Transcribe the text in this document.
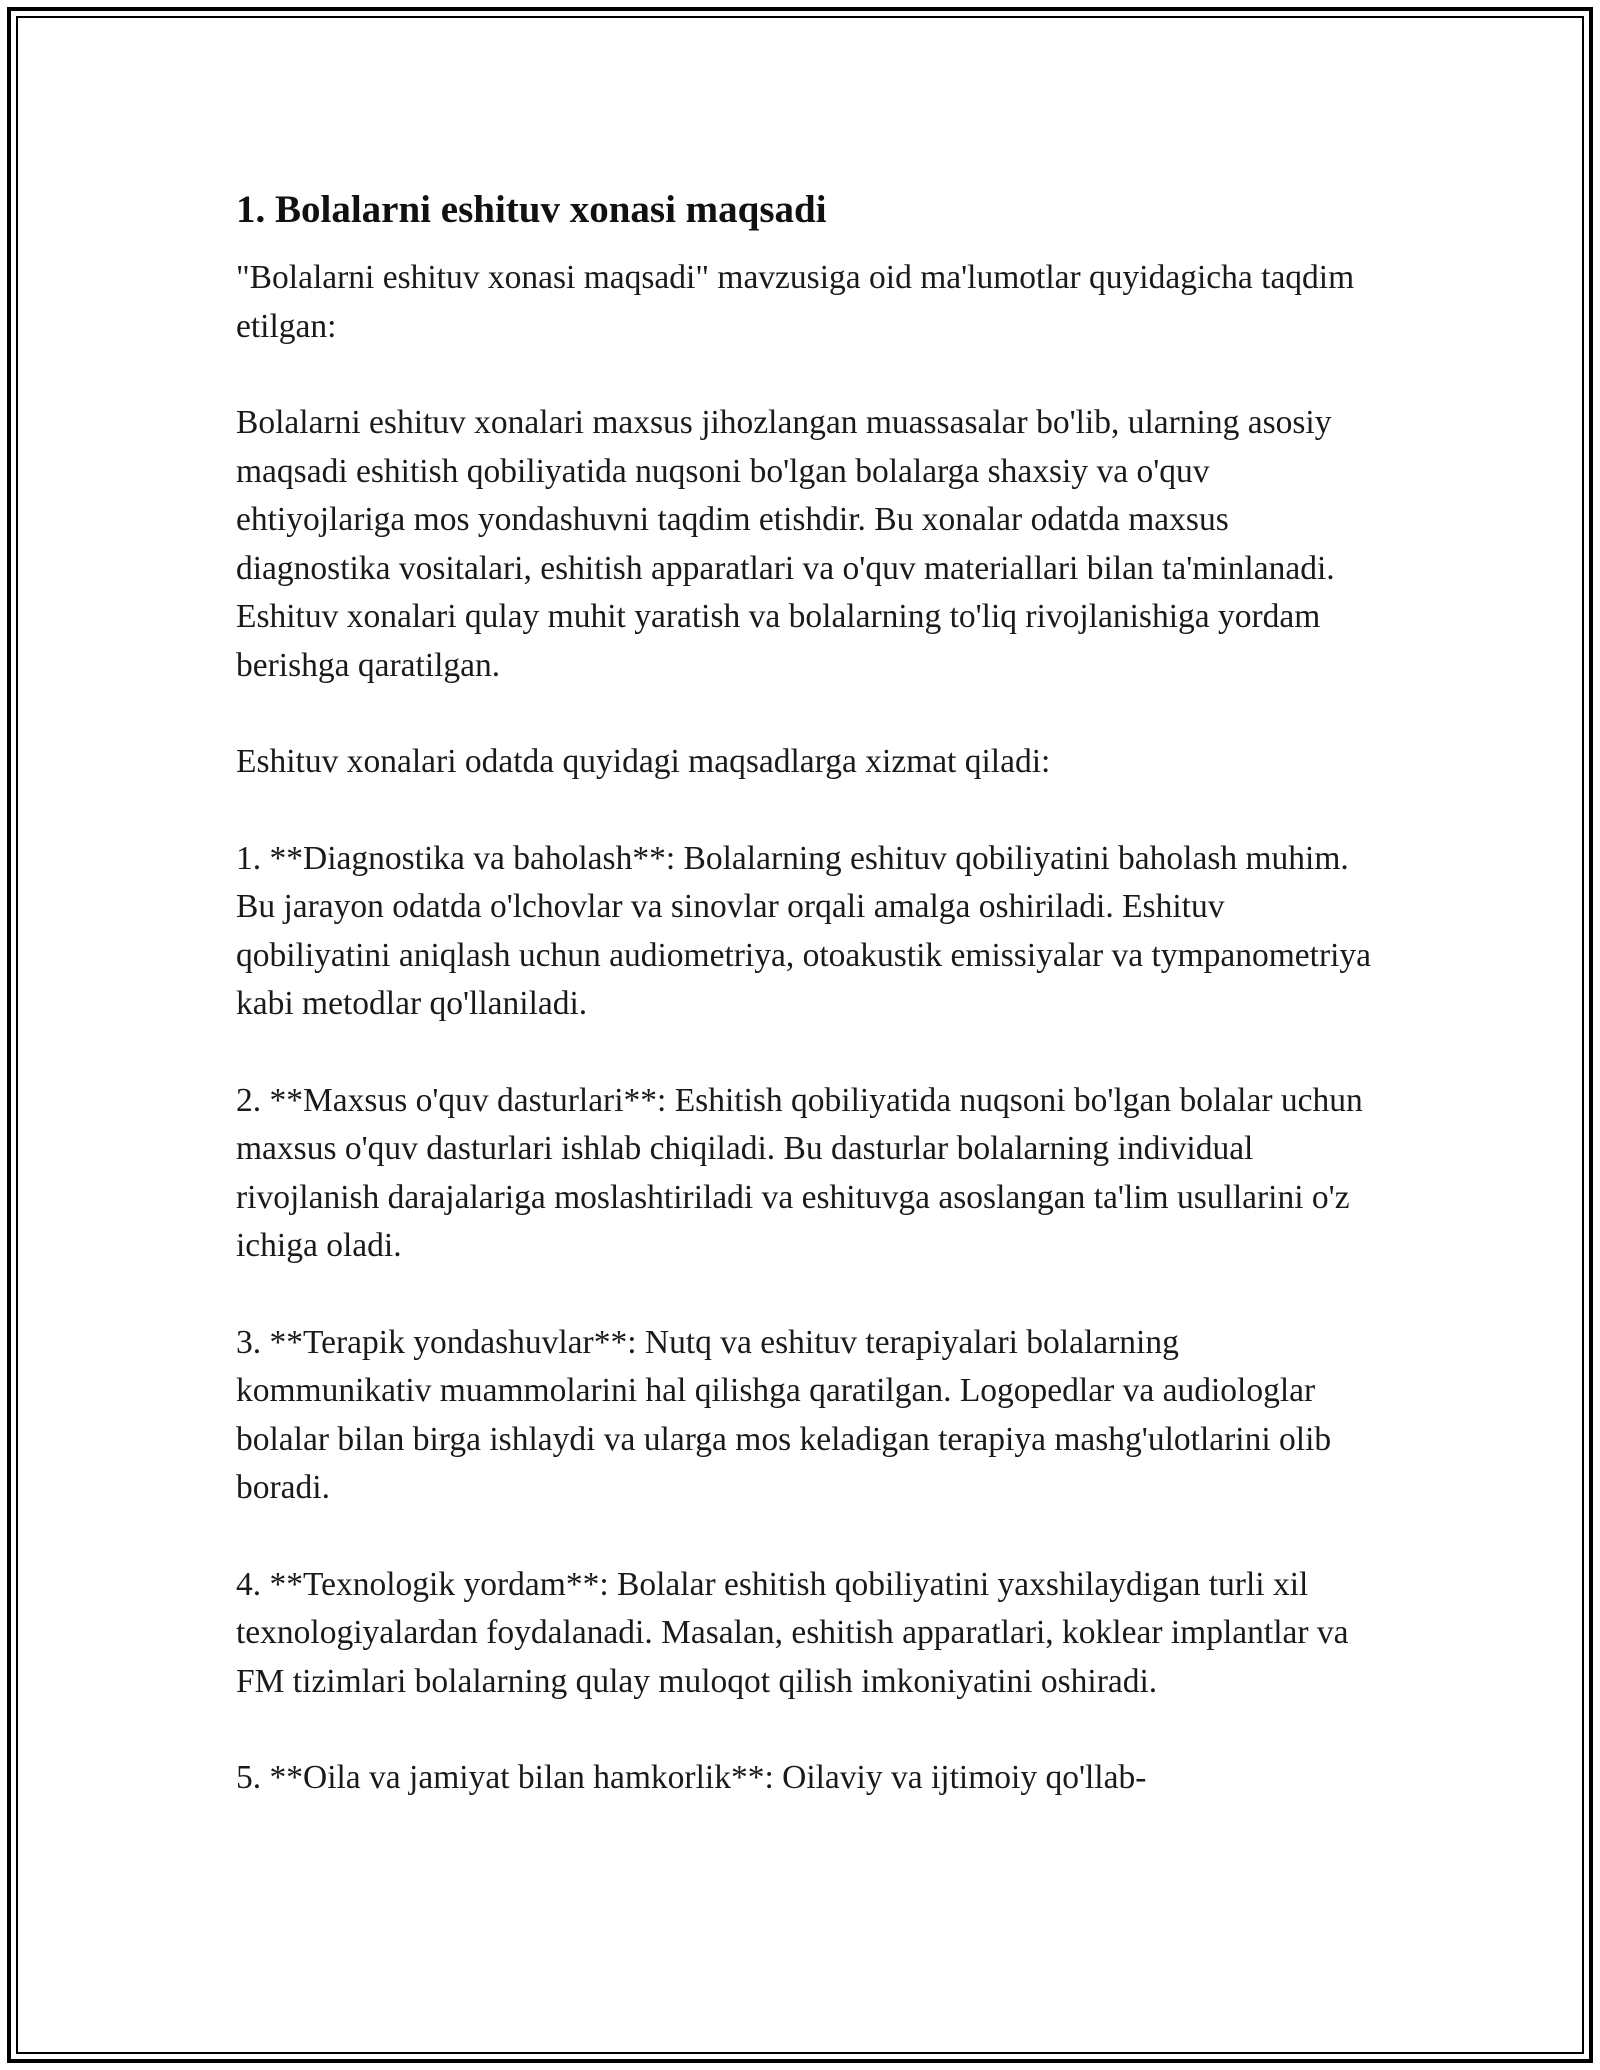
1. Bolalarni eshituv xonasi maqsadi

"Bolalarni eshituv xonasi maqsadi" mavzusiga oid ma'lumotlar quyidagicha taqdim etilgan:

Bolalarni eshituv xonalari maxsus jihozlangan muassasalar bo'lib, ularning asosiy maqsadi eshitish qobiliyatida nuqsoni bo'lgan bolalarga shaxsiy va o'quv ehtiyojlariga mos yondashuvni taqdim etishdir. Bu xonalar odatda maxsus diagnostika vositalari, eshitish apparatlari va o'quv materiallari bilan ta'minlanadi. Eshituv xonalari qulay muhit yaratish va bolalarning to'liq rivojlanishiga yordam berishga qaratilgan.

Eshituv xonalari odatda quyidagi maqsadlarga xizmat qiladi:

1. **Diagnostika va baholash**: Bolalarning eshituv qobiliyatini baholash muhim. Bu jarayon odatda o'lchovlar va sinovlar orqali amalga oshiriladi. Eshituv qobiliyatini aniqlash uchun audiometriya, otoakustik emissiyalar va tympanometriya kabi metodlar qo'llaniladi.

2. **Maxsus o'quv dasturlari**: Eshitish qobiliyatida nuqsoni bo'lgan bolalar uchun maxsus o'quv dasturlari ishlab chiqiladi. Bu dasturlar bolalarning individual rivojlanish darajalariga moslashtiriladi va eshituvga asoslangan ta'lim usullarini o'z ichiga oladi.

3. **Terapik yondashuvlar**: Nutq va eshituv terapiyalari bolalarning kommunikativ muammolarini hal qilishga qaratilgan. Logopedlar va audiologlar bolalar bilan birga ishlaydi va ularga mos keladigan terapiya mashg'ulotlarini olib boradi.

4. **Texnologik yordam**: Bolalar eshitish qobiliyatini yaxshilaydigan turli xil texnologiyalardan foydalanadi. Masalan, eshitish apparatlari, koklear implantlar va FM tizimlari bolalarning qulay muloqot qilish imkoniyatini oshiradi.

5. **Oila va jamiyat bilan hamkorlik**: Oilaviy va ijtimoiy qo'llab-
